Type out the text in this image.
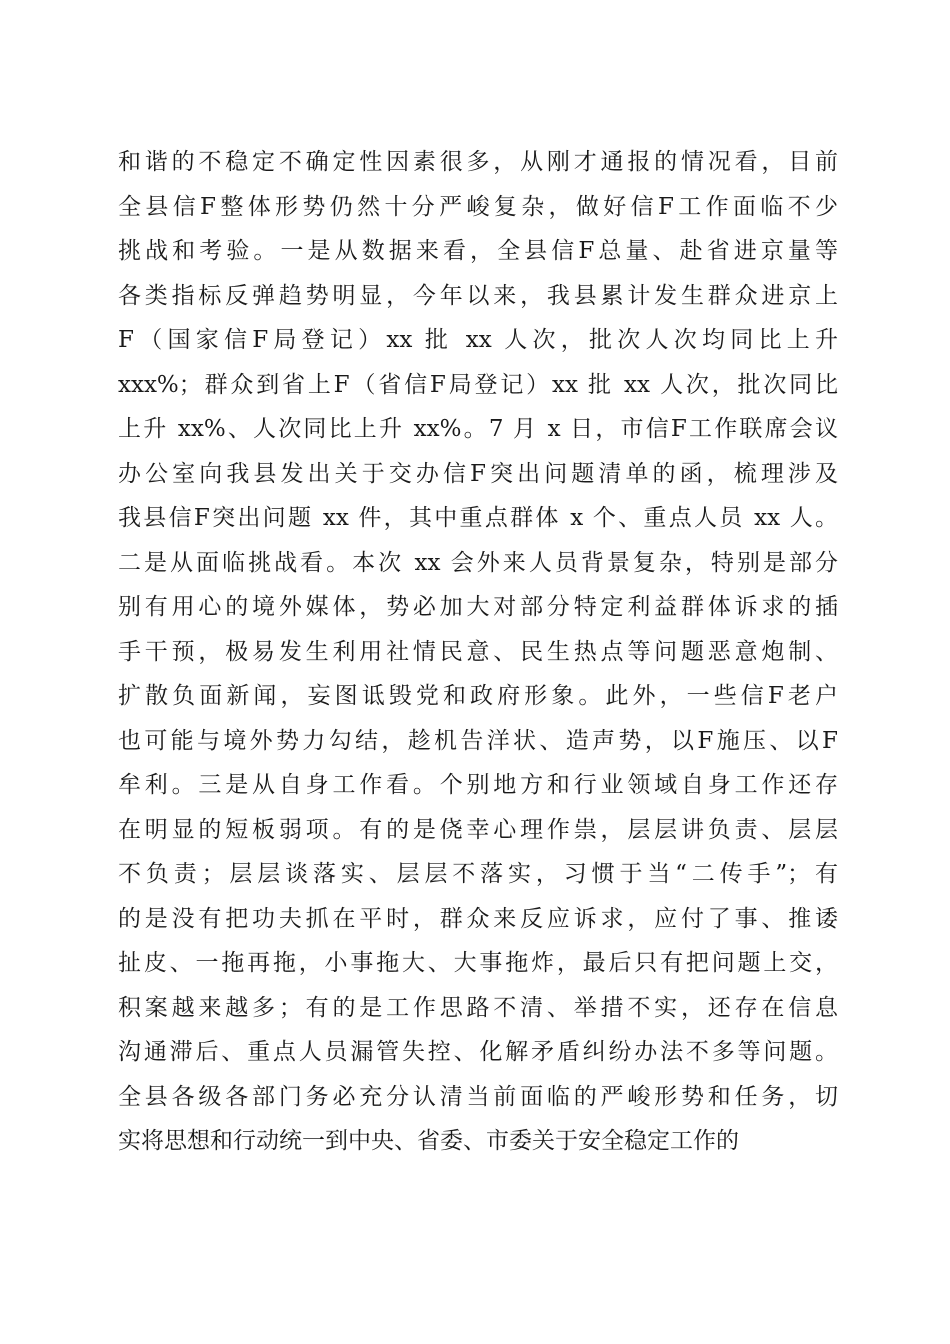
和谐的不稳定不确定性因素很多，从刚才通报的情况看，目前
全县信F整体形势仍然十分严峻复杂，做好信F工作面临不少
挑战和考验。一是从数据来看，全县信F总量、赴省进京量等
各类指标反弹趋势明显，今年以来，我县累计发生群众进京上
F（国家信F局登记）xx 批 xx 人次，批次人次均同比上升
xxx%；群众到省上F（省信F局登记）xx 批 xx 人次，批次同比
上升 xx%、人次同比上升 xx%。7 月 x 日，市信F工作联席会议
办公室向我县发出关于交办信F突出问题清单的函，梳理涉及
我县信F突出问题 xx 件，其中重点群体 x 个、重点人员 xx 人。
二是从面临挑战看。本次 xx 会外来人员背景复杂，特别是部分
别有用心的境外媒体，势必加大对部分特定利益群体诉求的插
手干预，极易发生利用社情民意、民生热点等问题恶意炮制、
扩散负面新闻，妄图诋毁党和政府形象。此外，一些信F老户
也可能与境外势力勾结，趁机告洋状、造声势，以F施压、以F
牟利。三是从自身工作看。个别地方和行业领域自身工作还存
在明显的短板弱项。有的是侥幸心理作祟，层层讲负责、层层
不负责；层层谈落实、层层不落实，习惯于当“二传手”；有
的是没有把功夫抓在平时，群众来反应诉求，应付了事、推诿
扯皮、一拖再拖，小事拖大、大事拖炸，最后只有把问题上交，
积案越来越多；有的是工作思路不清、举措不实，还存在信息
沟通滞后、重点人员漏管失控、化解矛盾纠纷办法不多等问题。
全县各级各部门务必充分认清当前面临的严峻形势和任务，切
实将思想和行动统一到中央、省委、市委关于安全稳定工作的
